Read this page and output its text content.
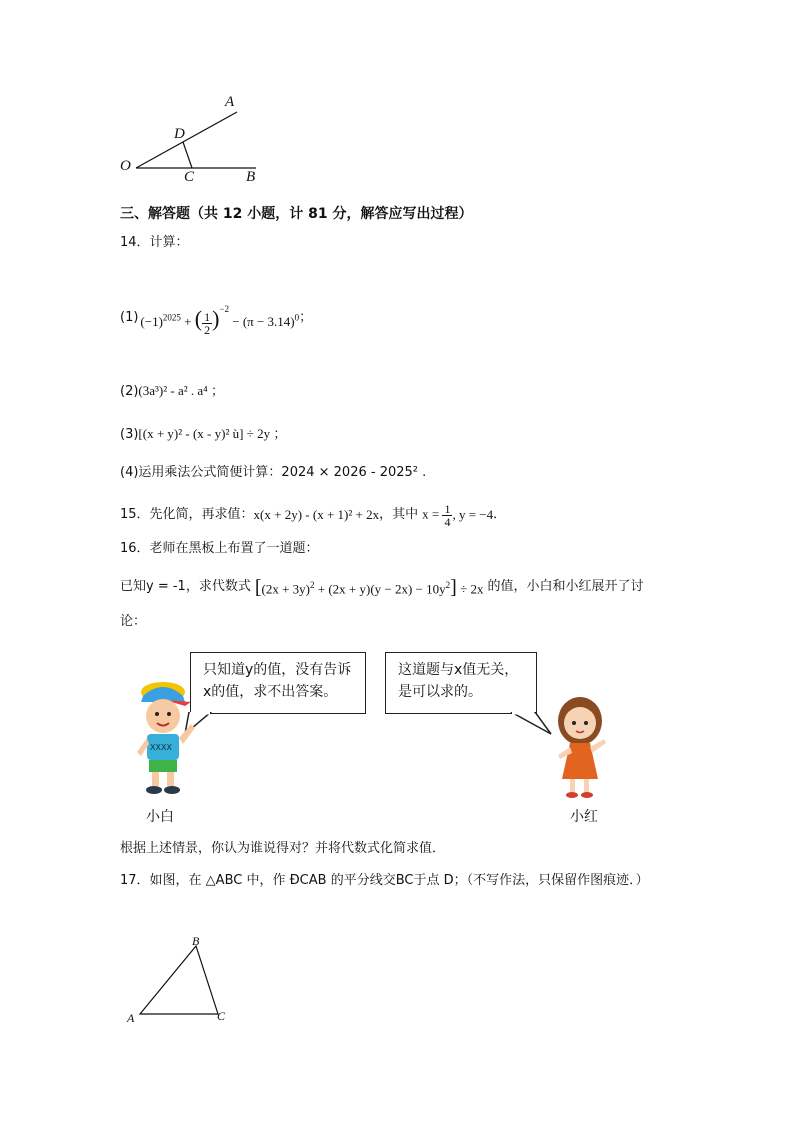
A
D
O
C	B
三、解答题（共 12 小题，计 81 分，解答应写出过程）
14．计算：
(1) $(-1)^{2025}$ + ( $\frac{1}{2} )^{-2} - (\pi - 3.14)^0$ ；
(2)(3a³)² - a² . a⁴ ；
(3)[(x + y)² - (x - y)² ù] ÷ 2y ；
(4)运用乘法公式简便计算：2024 × 2026 - 2025² .
15．先化简，再求值： x(x + 2y) - (x + 1)² + 2x ，其中 $x = \frac{1}{4}$ , y = −4 ．
16．老师在黑板上布置了一道题：
已知y = -1，求代数式 $[(2x + 3y)^2 + (2x + y)(y - 2x) - 10y^2] \div 2x$ 的值，小白和小红展开了讨
论：
只知道y的值，没有告诉x的值，求不出答案。
这道题与x值无关，是可以求的。
XXXX
小白	小红
根据上述情景，你认为谁说得对？并将代数式化简求值．
17．如图，在 △ABC 中，作 ÐCAB 的平分线交BC于点 D；（不写作法，只保留作图痕迹．）
B
A	C
